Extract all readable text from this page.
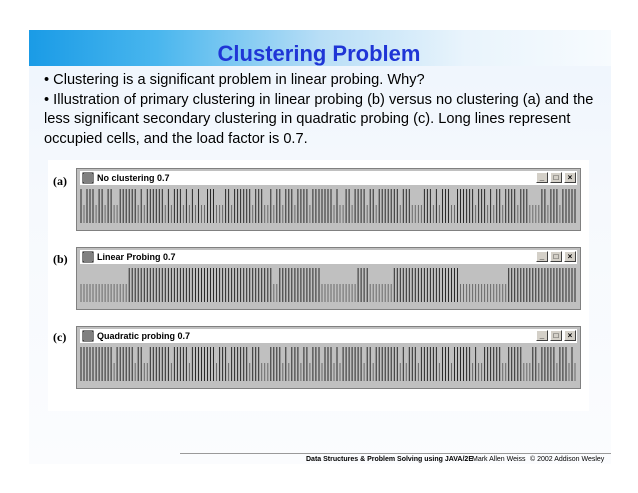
Clustering Problem

• Clustering is a significant problem in linear probing. Why?

• Illustration of primary clustering in linear probing (b) versus no clustering (a) and the less significant secondary clustering in quadratic probing (c). Long lines represent occupied cells, and the load factor is 0.7.

(a)
(b)
(c)
No clustering 0.7	_	□	×
Linear Probing 0.7	_	□	×
Quadratic probing 0.7	_	□	×
Data Structures & Problem Solving using JAVA/2E Mark Allen Weiss © 2002 Addison Wesley
